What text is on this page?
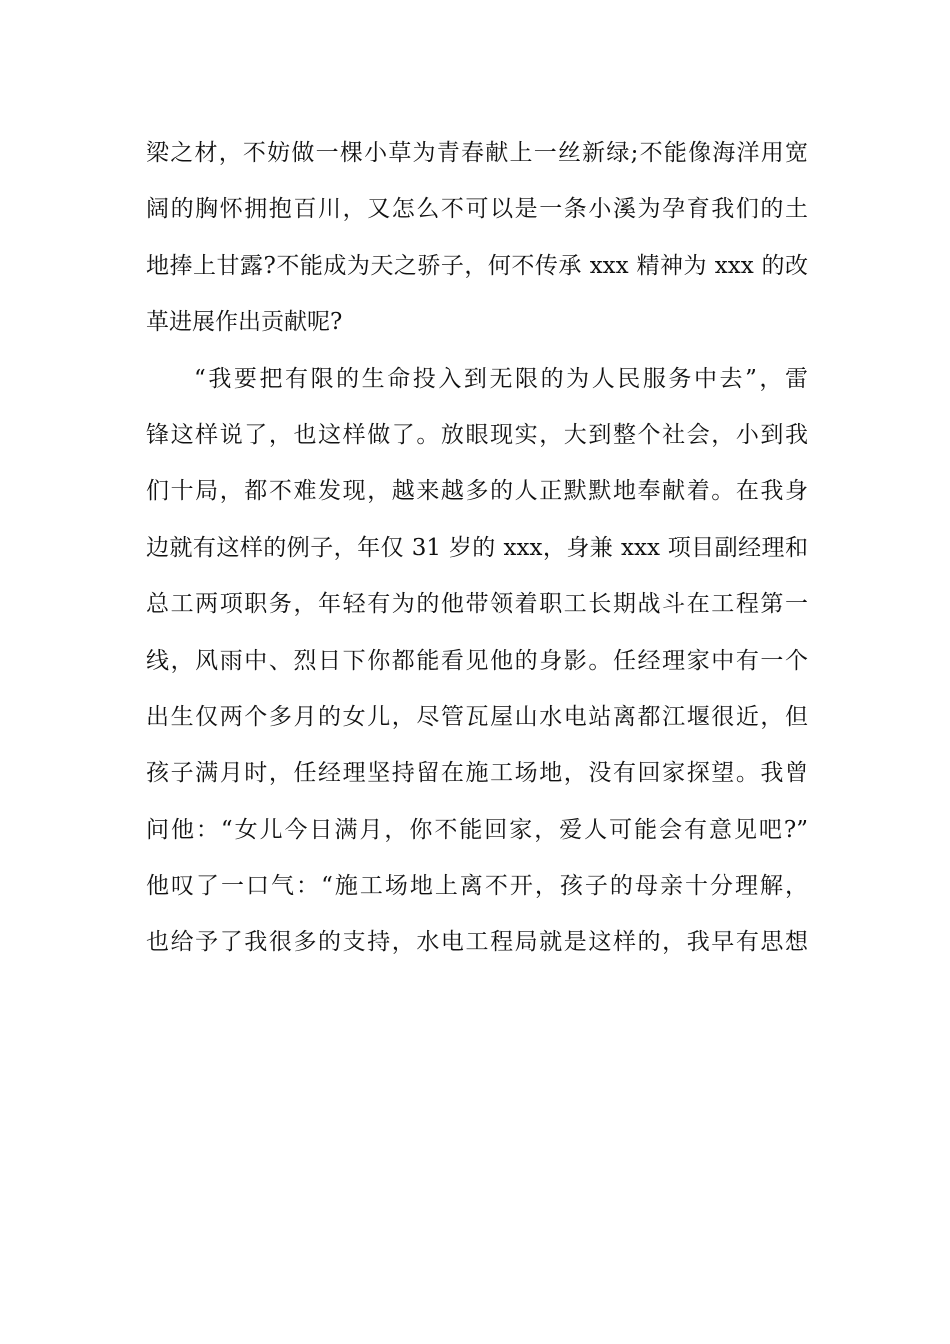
梁之材，不妨做一棵小草为青春献上一丝新绿;不能像海洋用宽
阔的胸怀拥抱百川，又怎么不可以是一条小溪为孕育我们的土
地捧上甘露?不能成为天之骄子，何不传承 xxx 精神为 xxx 的改
革进展作出贡献呢?
“我要把有限的生命投入到无限的为人民服务中去”，雷
锋这样说了，也这样做了。放眼现实，大到整个社会，小到我
们十局，都不难发现，越来越多的人正默默地奉献着。在我身
边就有这样的例子，年仅 31 岁的 xxx，身兼 xxx 项目副经理和
总工两项职务，年轻有为的他带领着职工长期战斗在工程第一
线，风雨中、烈日下你都能看见他的身影。任经理家中有一个
出生仅两个多月的女儿，尽管瓦屋山水电站离都江堰很近，但
孩子满月时，任经理坚持留在施工场地，没有回家探望。我曾
问他：“女儿今日满月，你不能回家，爱人可能会有意见吧?”
他叹了一口气：“施工场地上离不开，孩子的母亲十分理解，
也给予了我很多的支持，水电工程局就是这样的，我早有思想
